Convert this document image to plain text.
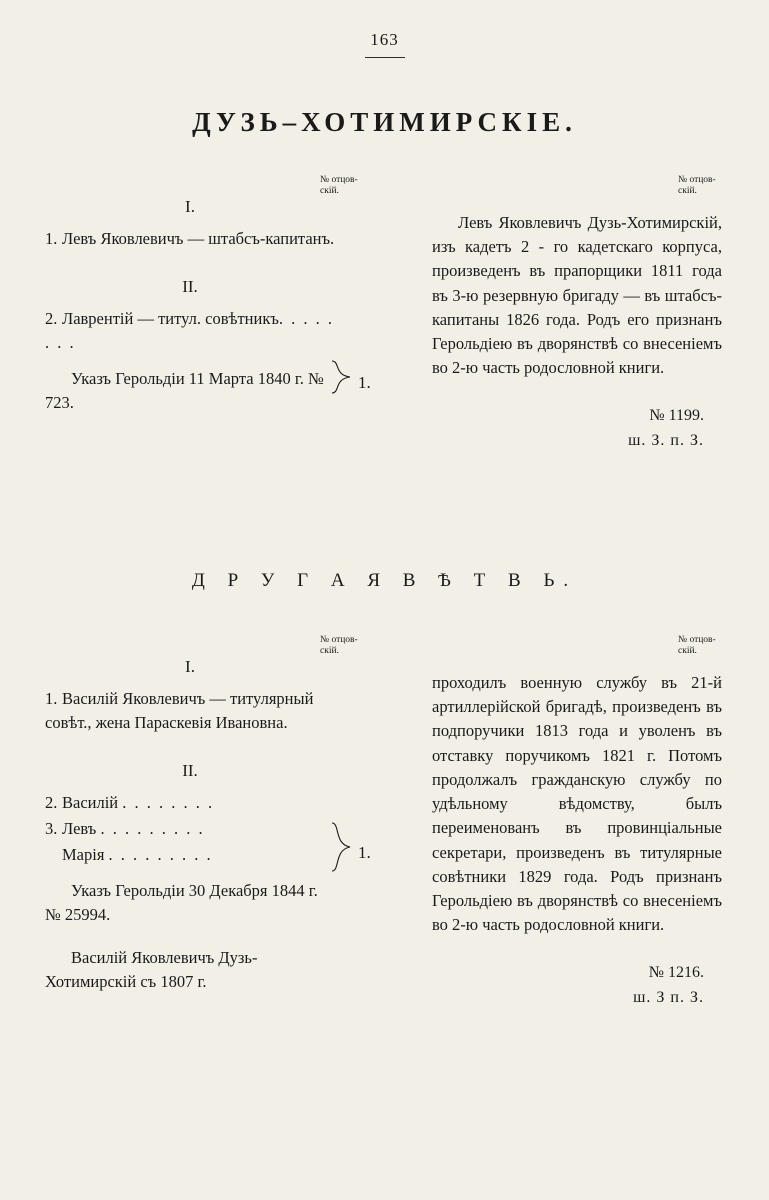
163
ДУЗЬ–ХОТИМИРСКIЕ.
№ отцов-
скiй.
1.
I.
1. Левъ Яковлевичъ — штабсъ-капитанъ.
II.
2. Лаврентiй — титул. совѣтникъ. . . . . . . .
Указъ Герольдiи 11 Марта 1840 г. № 723.
№ отцов-
скiй.
Левъ Яковлевичъ Дузь-Хотимирскiй, изъ кадетъ 2 - го кадетскаго корпуса, произведенъ въ прапорщики 1811 года въ 3-ю резервную бригаду — въ штабсъ-капитаны 1826 года. Родъ его признанъ Герольдiею въ дворянствѣ со внесенiемъ во 2-ю часть родословной книги.
№ 1199.
ш. З. п. З.
Д Р У Г А Я В Ѣ Т В Ь.
№ отцов-
скiй.
1.
I.
1. Василiй Яковлевичъ — титулярный совѣт., жена Параскевiя Ивановна.
II.
2. Василiй . . . . . . . .
3. Левъ . . . . . . . . .
Марiя . . . . . . . . .
Указъ Герольдiи 30 Декабря 1844 г. № 25994.
Василiй Яковлевичъ Дузь-Хотимирскiй съ 1807 г.
№ отцов-
скiй.
проходилъ военную службу въ 21-й артиллерiйской бригадѣ, произведенъ въ подпоручики 1813 года и уволенъ въ отставку поручикомъ 1821 г. Потомъ продолжалъ гражданскую службу по удѣльному вѣдомству, былъ переименованъ въ провинцiальные секретари, произведенъ въ титулярные совѣтники 1829 года. Родъ признанъ Герольдiею въ дворянствѣ со внесенiемъ во 2-ю часть родословной книги.
№ 1216.
ш. З п. З.
